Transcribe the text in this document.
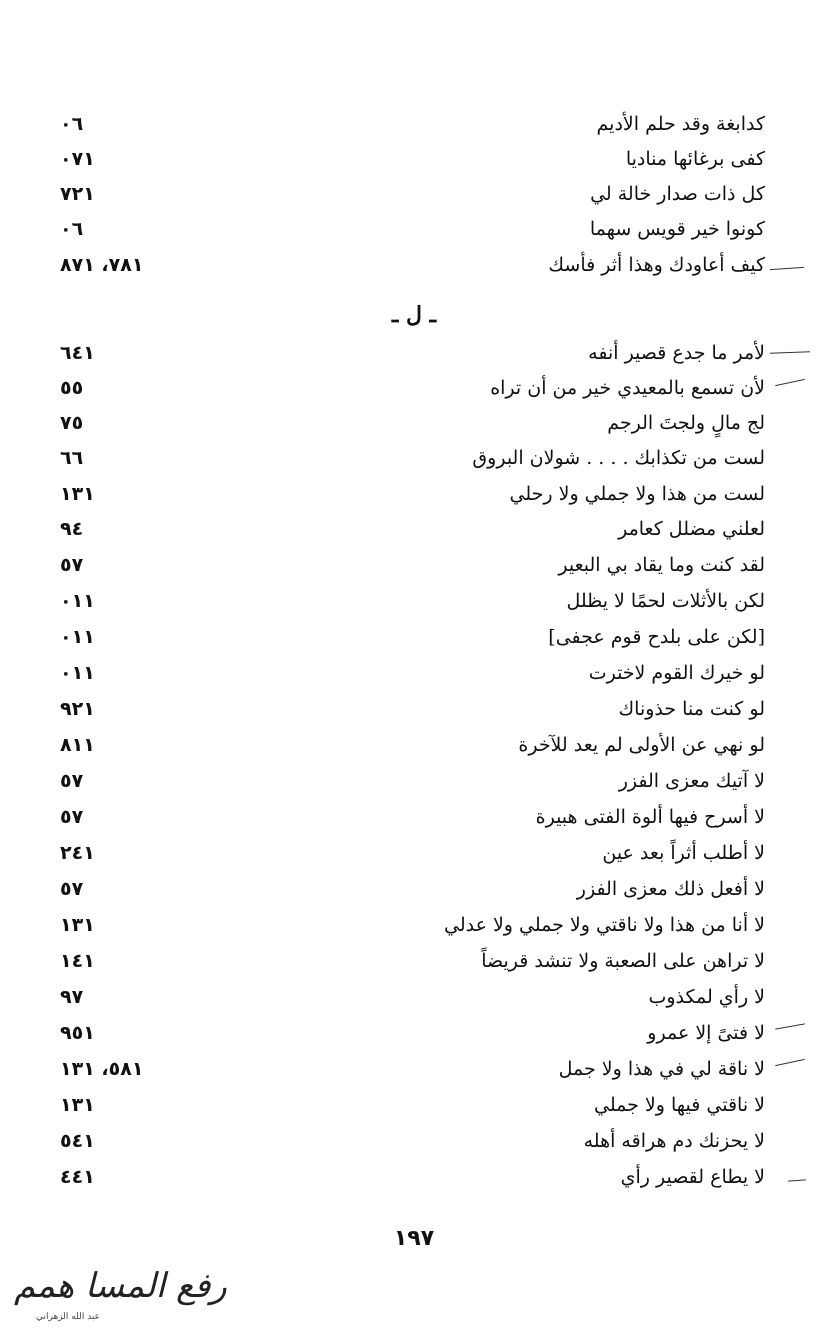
٦٠	كدابغة وقد حلم الأديم
١٧٠	كفى برغائها مناديا
١٢٧	كل ذات صدار خالة لي
٦٠	كونوا خير قويس سهما
١٨٧، ١٧٨	كيف أعاودك وهذا أثر فأسك
ـ ل ـ
١٤٦	لأمر ما جدع قصير أنفه
٥٥	لأن تسمع بالمعيدي خير من أن تراه
٥٧	لج مالٍ ولجتَ الرجم
٦٦	لست من تكذابك . . . . شولان البروق
١٣١	لست من هذا ولا جملي ولا رحلي
٤٩	لعلني مضلل كعامر
٧٥	لقد كنت وما يقاد بي البعير
١١٠	لكن بالأثلات لحمًا لا يظلل
١١٠	[لكن على بلدح قوم عجفى]
١١٠	لو خيرك القوم لاخترت
١٢٩	لو كنت منا حذوناك
١١٨	لو نهي عن الأولى لم يعد للآخرة
٧٥	لا آتيك معزى الفزر
٧٥	لا أسرح فيها ألوة الفتى هبيرة
١٤٢	لا أطلب أثراً بعد عين
٧٥	لا أفعل ذلك معزى الفزر
١٣١	لا أنا من هذا ولا ناقتي ولا جملي ولا عدلي
١٤١	لا تراهن على الصعبة ولا تنشد قريضاً
٧٩	لا رأي لمكذوب
١٥٩	لا فتىً إلا عمرو
١٨٥، ١٣١	لا ناقة لي في هذا ولا جمل
١٣١	لا ناقتي فيها ولا جملي
١٤٥	لا يحزنك دم هراقه أهله
١٤٤	لا يطاع لقصير رأي
١٩٧
رفع المسا همم
عبد الله الزهراني
